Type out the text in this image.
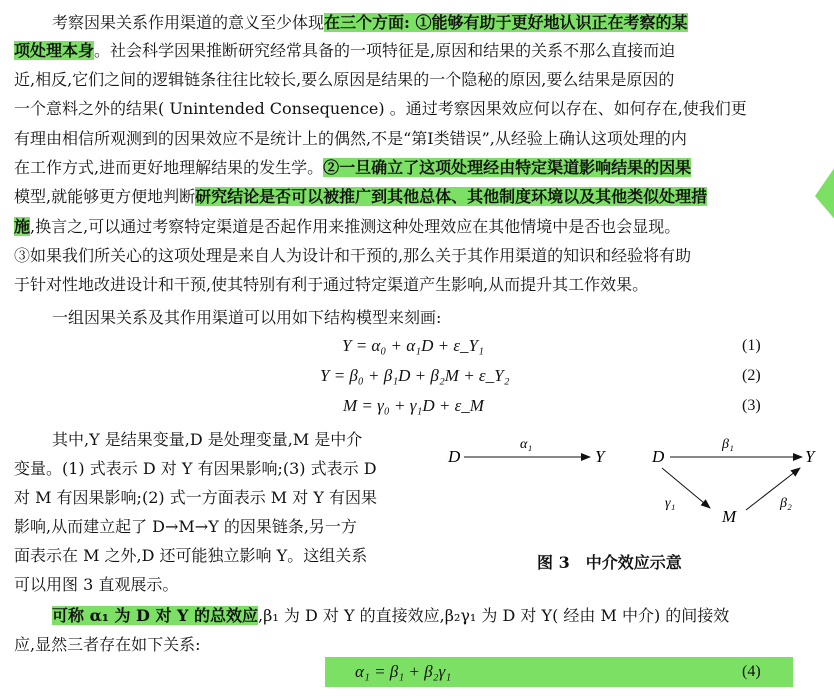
考察因果关系作用渠道的意义至少体现在三个方面: ①能够有助于更好地认识正在考察的某
项处理本身。社会科学因果推断研究经常具备的一项特征是,原因和结果的关系不那么直接而迫
近,相反,它们之间的逻辑链条往往比较长,要么原因是结果的一个隐秘的原因,要么结果是原因的
一个意料之外的结果( Unintended Consequence) 。通过考察因果效应何以存在、如何存在,使我们更
有理由相信所观测到的因果效应不是统计上的偶然,不是“第Ⅰ类错误”,从经验上确认这项处理的内
在工作方式,进而更好地理解结果的发生学。②一旦确立了这项处理经由特定渠道影响结果的因果
模型,就能够更方便地判断研究结论是否可以被推广到其他总体、其他制度环境以及其他类似处理措
施,换言之,可以通过考察特定渠道是否起作用来推测这种处理效应在其他情境中是否也会显现。
③如果我们所关心的这项处理是来自人为设计和干预的,那么关于其作用渠道的知识和经验将有助
于针对性地改进设计和干预,使其特别有利于通过特定渠道产生影响,从而提升其工作效果。
一组因果关系及其作用渠道可以用如下结构模型来刻画:
Y = α₀ + α₁D + ε_Y₁	(1)
Y = β₀ + β₁D + β₂M + ε_Y₂	(2)
M = γ₀ + γ₁D + ε_M	(3)
其中,Y 是结果变量,D 是处理变量,M 是中介
变量。(1) 式表示 D 对 Y 有因果影响;(3) 式表示 D
对 M 有因果影响;(2) 式一方面表示 M 对 Y 有因果
影响,从而建立起了 D→M→Y 的因果链条,另一方
面表示在 M 之外,D 还可能独立影响 Y。这组关系
可以用图 3 直观展示。
D
α₁
Y	D
β₁
Y
γ₁
M
β₂
图 3　中介效应示意
可称 α₁ 为 D 对 Y 的总效应,β₁ 为 D 对 Y 的直接效应,β₂γ₁ 为 D 对 Y( 经由 M 中介) 的间接效
应,显然三者存在如下关系:
α₁ = β₁ + β₂γ₁	(4)
